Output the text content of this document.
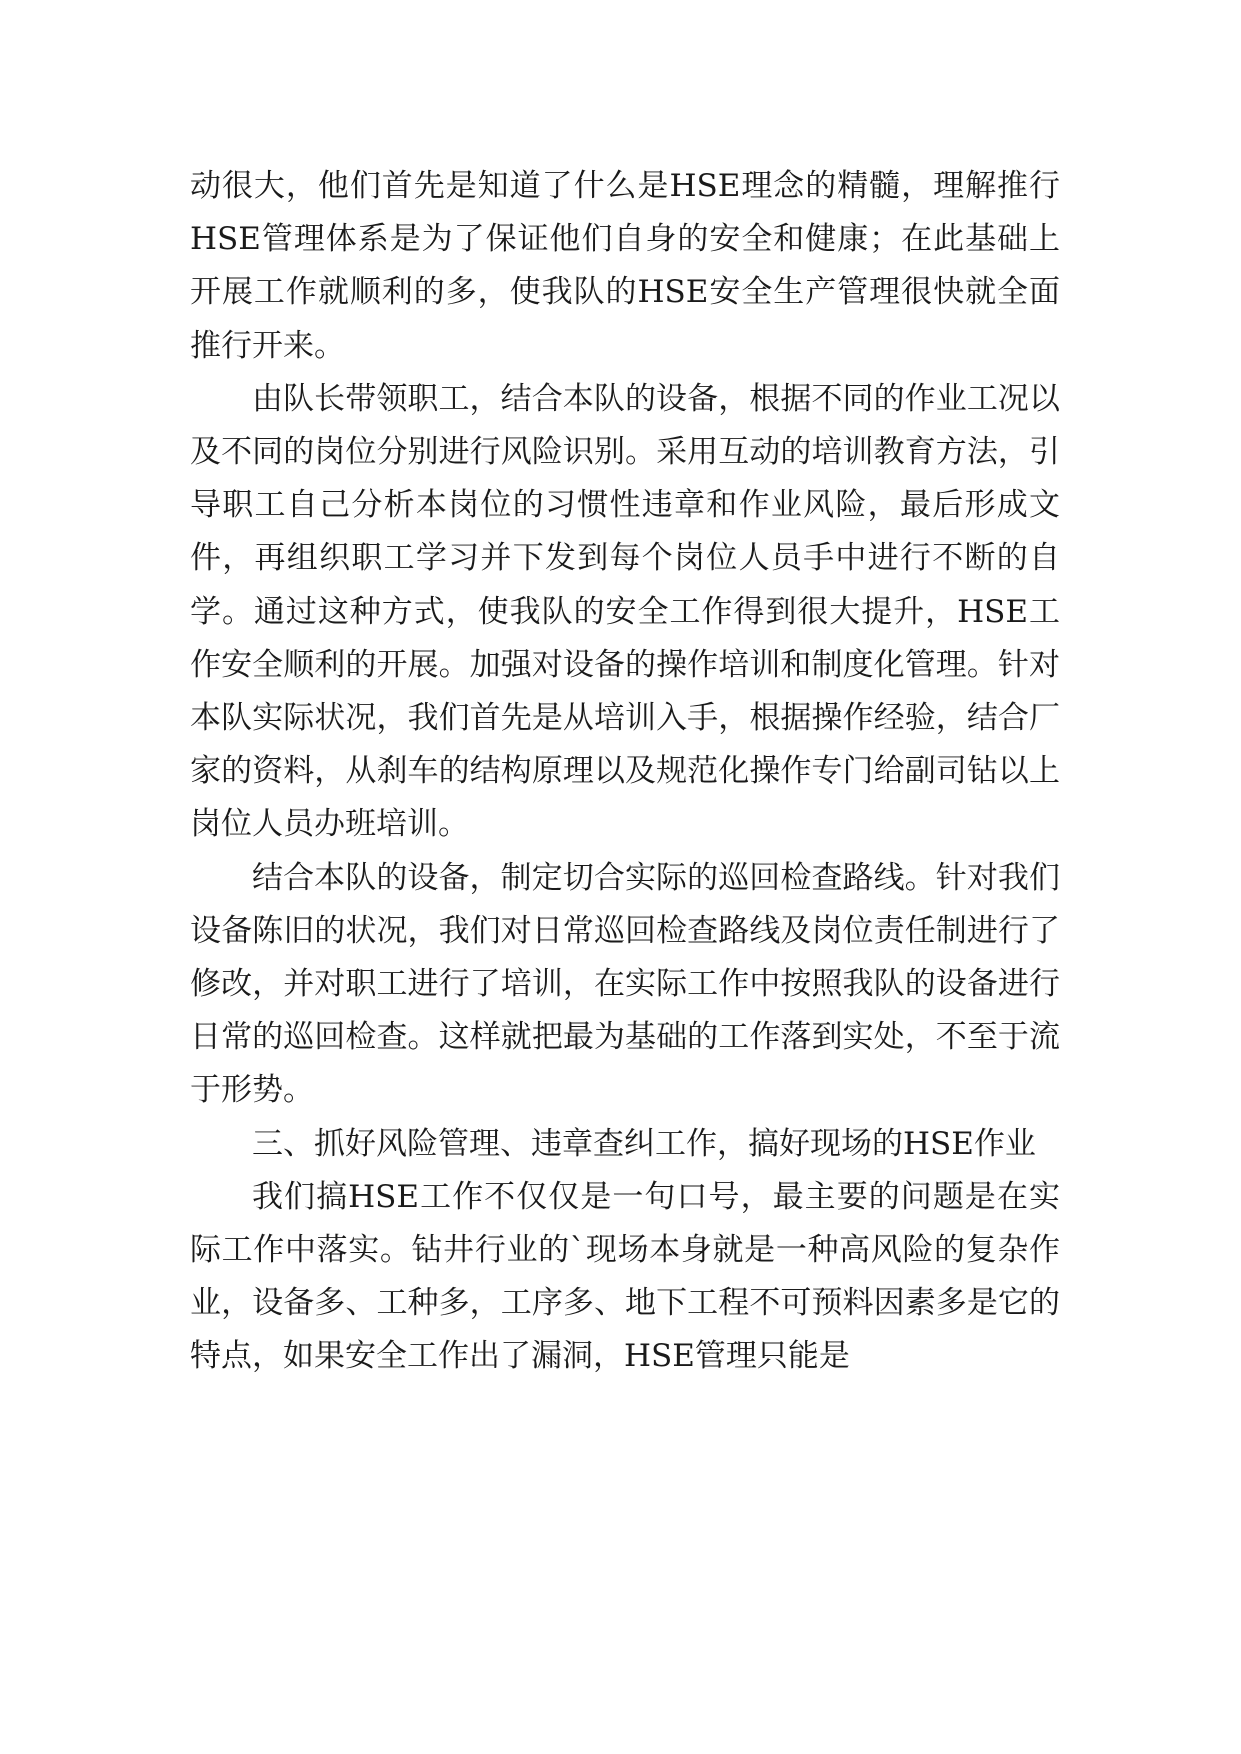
动很大，他们首先是知道了什么是HSE理念的精髓，理解推行HSE管理体系是为了保证他们自身的安全和健康；在此基础上开展工作就顺利的多，使我队的HSE安全生产管理很快就全面推行开来。

由队长带领职工，结合本队的设备，根据不同的作业工况以及不同的岗位分别进行风险识别。采用互动的培训教育方法，引导职工自己分析本岗位的习惯性违章和作业风险，最后形成文件，再组织职工学习并下发到每个岗位人员手中进行不断的自学。通过这种方式，使我队的安全工作得到很大提升，HSE工作安全顺利的开展。加强对设备的操作培训和制度化管理。针对本队实际状况，我们首先是从培训入手，根据操作经验，结合厂家的资料，从刹车的结构原理以及规范化操作专门给副司钻以上岗位人员办班培训。

结合本队的设备，制定切合实际的巡回检查路线。针对我们设备陈旧的状况，我们对日常巡回检查路线及岗位责任制进行了修改，并对职工进行了培训，在实际工作中按照我队的设备进行日常的巡回检查。这样就把最为基础的工作落到实处，不至于流于形势。

三、抓好风险管理、违章查纠工作，搞好现场的HSE作业

我们搞HSE工作不仅仅是一句口号，最主要的问题是在实际工作中落实。钻井行业的`现场本身就是一种高风险的复杂作业，设备多、工种多，工序多、地下工程不可预料因素多是它的特点，如果安全工作出了漏洞，HSE管理只能是
